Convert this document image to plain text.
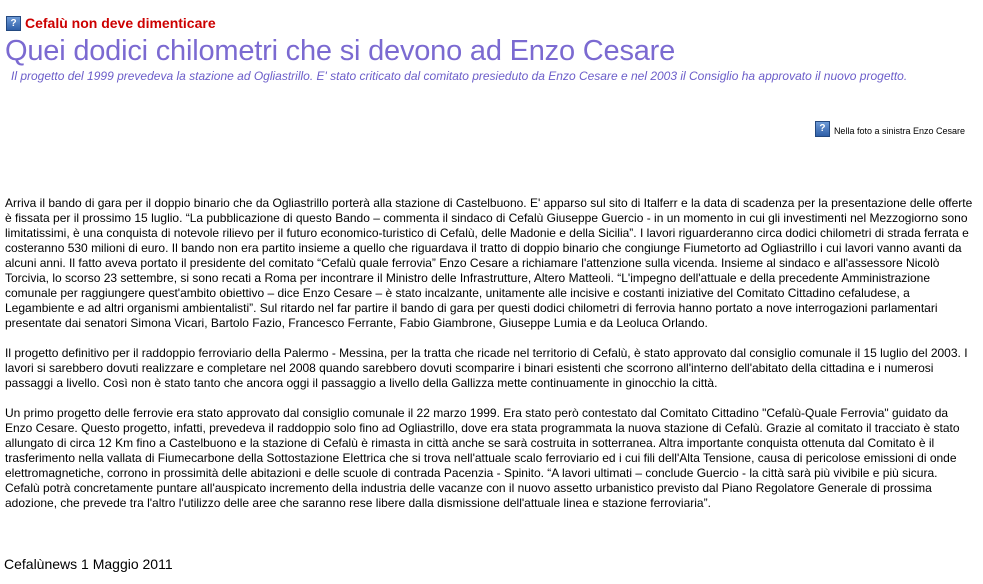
? Cefalù non deve dimenticare
Quei dodici chilometri che si devono ad Enzo Cesare

Il progetto del 1999 prevedeva la stazione ad Ogliastrillo. E' stato criticato dal comitato presieduto da Enzo Cesare e nel 2003 il Consiglio ha approvato il nuovo progetto.

? Nella foto a sinistra Enzo Cesare

Arriva il bando di gara per il doppio binario che da Ogliastrillo porterà alla stazione di Castelbuono. E' apparso sul sito di Italferr e la data di scadenza per la presentazione delle offerte è fissata per il prossimo 15 luglio. “La pubblicazione di questo Bando – commenta il sindaco di Cefalù Giuseppe Guercio - in un momento in cui gli investimenti nel Mezzogiorno sono limitatissimi, è una conquista di notevole rilievo per il futuro economico-turistico di Cefalù, delle Madonie e della Sicilia”. I lavori riguarderanno circa dodici chilometri di strada ferrata e costeranno 530 milioni di euro. Il bando non era partito insieme a quello che riguardava il tratto di doppio binario che congiunge Fiumetorto ad Ogliastrillo i cui lavori vanno avanti da alcuni anni. Il fatto aveva portato il presidente del comitato “Cefalù quale ferrovia” Enzo Cesare a richiamare l'attenzione sulla vicenda. Insieme al sindaco e all'assessore Nicolò Torcivia, lo scorso 23 settembre, si sono recati a Roma per incontrare il Ministro delle Infrastrutture, Altero Matteoli. “L'impegno dell'attuale e della precedente Amministrazione comunale per raggiungere quest'ambito obiettivo – dice Enzo Cesare – è stato incalzante, unitamente alle incisive e costanti iniziative del Comitato Cittadino cefaludese, a Legambiente e ad altri organismi ambientalisti”. Sul ritardo nel far partire il bando di gara per questi dodici chilometri di ferrovia hanno portato a nove interrogazioni parlamentari presentate dai senatori Simona Vicari, Bartolo Fazio, Francesco Ferrante, Fabio Giambrone, Giuseppe Lumia e da Leoluca Orlando.

Il progetto definitivo per il raddoppio ferroviario della Palermo - Messina, per la tratta che ricade nel territorio di Cefalù, è stato approvato dal consiglio comunale il 15 luglio del 2003. I lavori si sarebbero dovuti realizzare e completare nel 2008 quando sarebbero dovuti scomparire i binari esistenti che scorrono all'interno dell'abitato della cittadina e i numerosi passaggi a livello. Così non è stato tanto che ancora oggi il passaggio a livello della Gallizza mette continuamente in ginocchio la città.

Un primo progetto delle ferrovie era stato approvato dal consiglio comunale il 22 marzo 1999. Era stato però contestato dal Comitato Cittadino "Cefalù-Quale Ferrovia" guidato da Enzo Cesare. Questo progetto, infatti, prevedeva il raddoppio solo fino ad Ogliastrillo, dove era stata programmata la nuova stazione di Cefalù. Grazie al comitato il tracciato è stato allungato di circa 12 Km fino a Castelbuono e la stazione di Cefalù è rimasta in città anche se sarà costruita in sotterranea. Altra importante conquista ottenuta dal Comitato è il trasferimento nella vallata di Fiumecarbone della Sottostazione Elettrica che si trova nell'attuale scalo ferroviario ed i cui fili dell'Alta Tensione, causa di pericolose emissioni di onde elettromagnetiche, corrono in prossimità delle abitazioni e delle scuole di contrada Pacenzia - Spinito. “A lavori ultimati – conclude Guercio - la città sarà più vivibile e più sicura. Cefalù potrà concretamente puntare all'auspicato incremento della industria delle vacanze con il nuovo assetto urbanistico previsto dal Piano Regolatore Generale di prossima adozione, che prevede tra l'altro l'utilizzo delle aree che saranno rese libere dalla dismissione dell'attuale linea e stazione ferroviaria”.

Cefalùnews 1 Maggio 2011
